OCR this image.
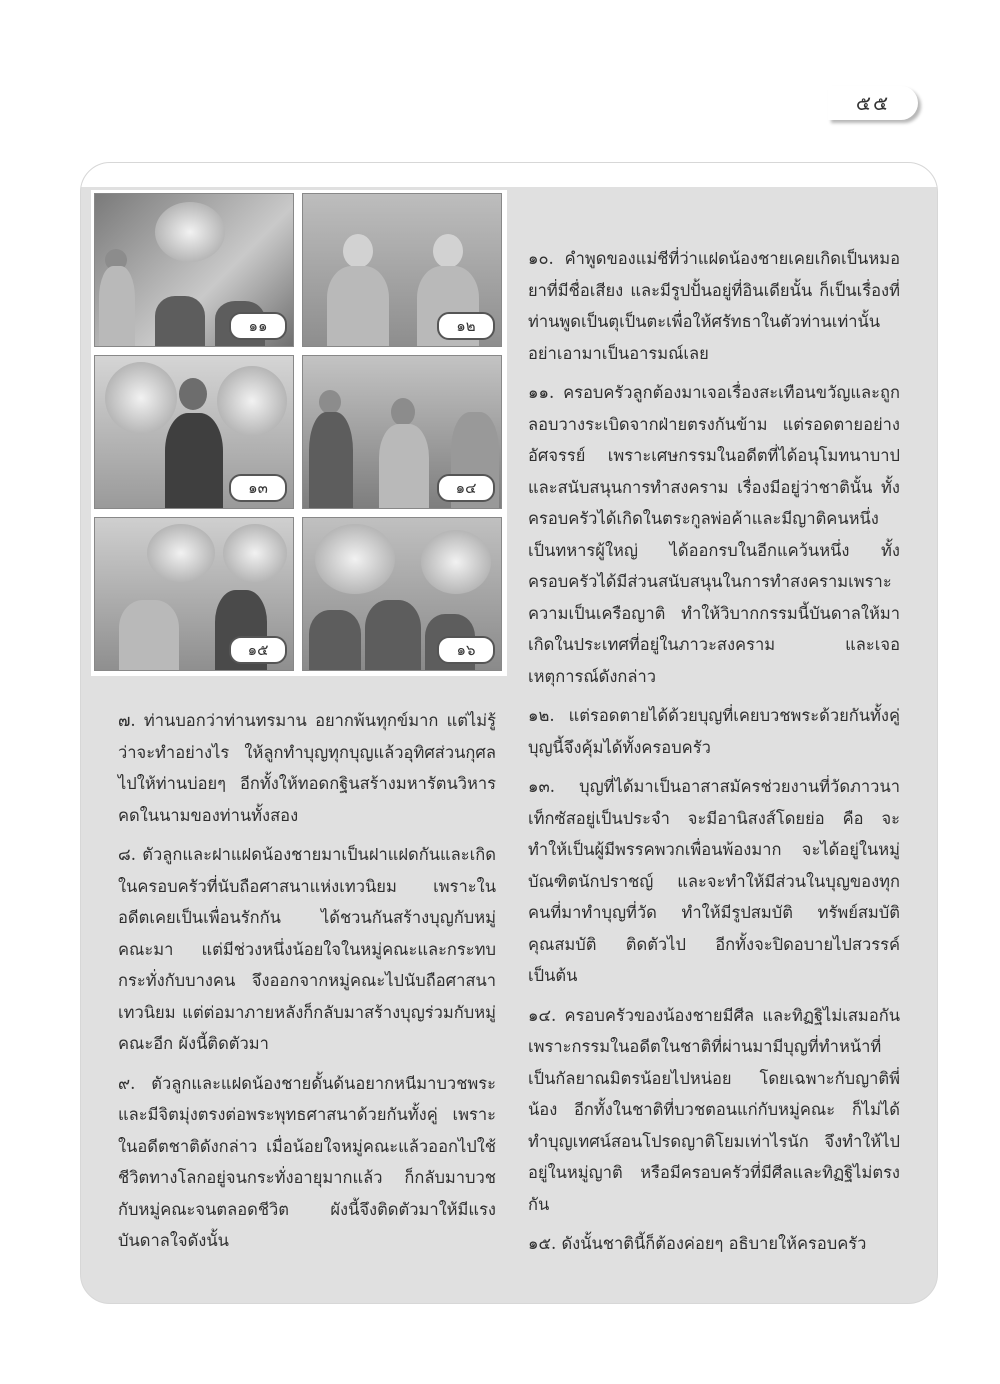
๕๕
๑๑	๑๒
๑๓	๑๔
๑๕	๑๖

๗. ท่านบอกว่าท่านทรมาน อยากพ้นทุกข์มาก แต่ไม่รู้ว่าจะทำอย่างไร ให้ลูกทำบุญทุกบุญแล้วอุทิศส่วนกุศลไปให้ท่านบ่อยๆ อีกทั้งให้ทอดกฐินสร้างมหารัตนวิหารคดในนามของท่านทั้งสอง

๘. ตัวลูกและฝาแฝดน้องชายมาเป็นฝาแฝดกันและเกิดในครอบครัวที่นับถือศาสนาแห่งเทวนิยม เพราะในอดีตเคยเป็นเพื่อนรักกัน ได้ชวนกันสร้างบุญกับหมู่คณะมา แต่มีช่วงหนึ่งน้อยใจในหมู่คณะและกระทบกระทั่งกับบางคน จึงออกจากหมู่คณะไปนับถือศาสนาเทวนิยม แต่ต่อมาภายหลังก็กลับมาสร้างบุญร่วมกับหมู่คณะอีก ผังนี้ติดตัวมา

๙. ตัวลูกและแฝดน้องชายดั้นด้นอยากหนีมาบวชพระและมีจิตมุ่งตรงต่อพระพุทธศาสนาด้วยกันทั้งคู่ เพราะในอดีตชาติดังกล่าว เมื่อน้อยใจหมู่คณะแล้วออกไปใช้ชีวิตทางโลกอยู่จนกระทั่งอายุมากแล้ว ก็กลับมาบวชกับหมู่คณะจนตลอดชีวิต ผังนี้จึงติดตัวมาให้มีแรงบันดาลใจดังนั้น

๑๐. คำพูดของแม่ชีที่ว่าแฝดน้องชายเคยเกิดเป็นหมอยาที่มีชื่อเสียง และมีรูปปั้นอยู่ที่อินเดียนั้น ก็เป็นเรื่องที่ท่านพูดเป็นตุเป็นตะเพื่อให้ศรัทธาในตัวท่านเท่านั้น อย่าเอามาเป็นอารมณ์เลย

๑๑. ครอบครัวลูกต้องมาเจอเรื่องสะเทือนขวัญและถูกลอบวางระเบิดจากฝ่ายตรงกันข้าม แต่รอดตายอย่างอัศจรรย์ เพราะเศษกรรมในอดีตที่ได้อนุโมทนาบาป และสนับสนุนการทำสงคราม เรื่องมีอยู่ว่าชาตินั้น ทั้งครอบครัวได้เกิดในตระกูลพ่อค้าและมีญาติคนหนึ่งเป็นทหารผู้ใหญ่ ได้ออกรบในอีกแคว้นหนึ่ง ทั้งครอบครัวได้มีส่วนสนับสนุนในการทำสงครามเพราะความเป็นเครือญาติ ทำให้วิบากกรรมนี้บันดาลให้มาเกิดในประเทศที่อยู่ในภาวะสงคราม และเจอเหตุการณ์ดังกล่าว

๑๒. แต่รอดตายได้ด้วยบุญที่เคยบวชพระด้วยกันทั้งคู่ บุญนี้จึงคุ้มได้ทั้งครอบครัว

๑๓. บุญที่ได้มาเป็นอาสาสมัครช่วยงานที่วัดภาวนาเท็กซัสอยู่เป็นประจำ จะมีอานิสงส์โดยย่อ คือ จะทำให้เป็นผู้มีพรรคพวกเพื่อนพ้องมาก จะได้อยู่ในหมู่บัณฑิตนักปราชญ์ และจะทำให้มีส่วนในบุญของทุกคนที่มาทำบุญที่วัด ทำให้มีรูปสมบัติ ทรัพย์สมบัติ คุณสมบัติ ติดตัวไป อีกทั้งจะปิดอบายไปสวรรค์ เป็นต้น

๑๔. ครอบครัวของน้องชายมีศีล และทิฏฐิไม่เสมอกันเพราะกรรมในอดีตในชาติที่ผ่านมามีบุญที่ทำหน้าที่เป็นกัลยาณมิตรน้อยไปหน่อย โดยเฉพาะกับญาติพี่น้อง อีกทั้งในชาติที่บวชตอนแก่กับหมู่คณะ ก็ไม่ได้ทำบุญเทศน์สอนโปรดญาติโยมเท่าไรนัก จึงทำให้ไปอยู่ในหมู่ญาติ หรือมีครอบครัวที่มีศีลและทิฏฐิไม่ตรงกัน

๑๕. ดังนั้นชาตินี้ก็ต้องค่อยๆ อธิบายให้ครอบครัว
